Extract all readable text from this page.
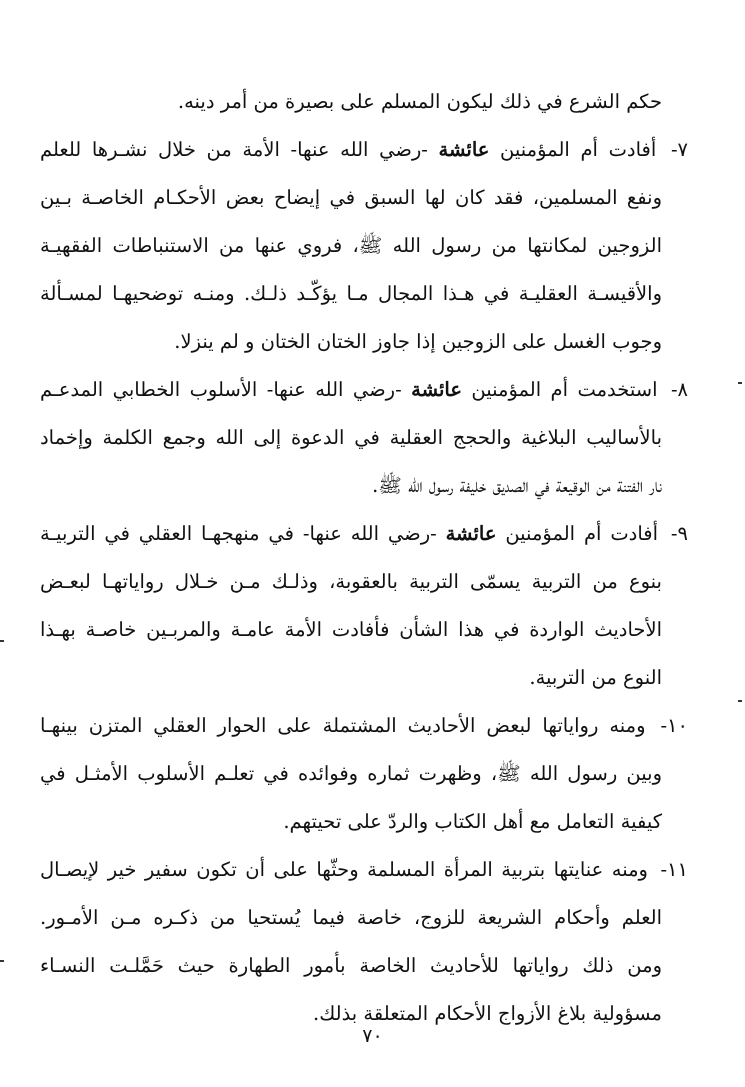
حكم الشرع في ذلك ليكون المسلم على بصيرة من أمر دينه.
٧- أفادت أم المؤمنين عائشة -رضي الله عنها- الأمة من خلال نشـرها للعلم
ونفع المسلمين، فقد كان لها السبق في إيضاح بعض الأحكـام الخاصـة بـين
الزوجين لمكانتها من رسول الله ﷺ، فروي عنها من الاستنباطات الفقهيـة
والأقيسـة العقليـة في هـذا المجال مـا يؤكّـد ذلـك. ومنـه توضحيهـا لمسـألة
وجوب الغسل على الزوجين إذا جاوز الختان الختان و لم ينزلا.
٨- استخدمت أم المؤمنين عائشة -رضي الله عنها- الأسلوب الخطابي المدعـم
بالأساليب البلاغية والحجج العقلية في الدعوة إلى الله وجمع الكلمة وإخماد
نار الفتنة من الوقيعة في الصديق خليفة رسول الله ﷺ.
٩- أفادت أم المؤمنين عائشة -رضي الله عنها- في منهجهـا العقلي في التربيـة
بنوع من التربية يسمّى التربية بالعقوبة، وذلـك مـن خـلال رواياتهـا لبعـض
الأحاديث الواردة في هذا الشأن فأفادت الأمة عامـة والمربـين خاصـة بهـذا
النوع من التربية.
١٠- ومنه رواياتها لبعض الأحاديث المشتملة على الحوار العقلي المتزن بينهـا
وبين رسول الله ﷺ، وظهرت ثماره وفوائده في تعلـم الأسلوب الأمثـل في
كيفية التعامل مع أهل الكتاب والردّ على تحيتهم.
١١- ومنه عنايتها بتربية المرأة المسلمة وحثّها على أن تكون سفير خير لإيصـال
العلم وأحكام الشريعة للزوج، خاصة فيما يُستحيا من ذكـره مـن الأمـور.
ومن ذلك رواياتها للأحاديث الخاصة بأمور الطهارة حيث حَمَّلـت النسـاء
مسؤولية بلاغ الأزواج الأحكام المتعلقة بذلك.
٧٠
